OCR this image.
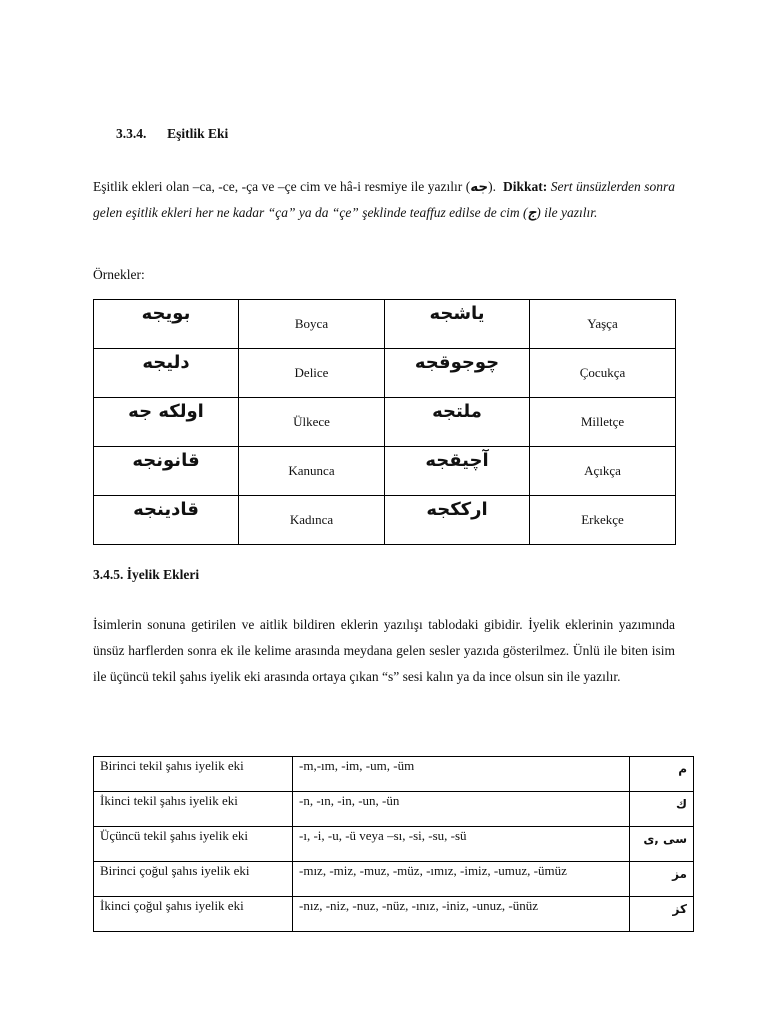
3.3.4. Eşitlik Eki
Eşitlik ekleri olan –ca, -ce, -ça ve –çe cim ve hâ-i resmiye ile yazılır (جه). Dikkat: Sert ünsüzlerden sonra gelen eşitlik ekleri her ne kadar “ça” ya da “çe” şeklinde teaffuz edilse de cim (ج) ile yazılır.
Örnekler:
بويجه	Boyca	ياشجه	Yaşça
دليجه	Delice	چوجوقجه	Çocukça
اولكه جه	Ülkece	ملتجه	Milletçe
قانونجه	Kanunca	آچيقجه	Açıkça
قادينجه	Kadınca	ارككجه	Erkekçe
3.4.5. İyelik Ekleri
İsimlerin sonuna getirilen ve aitlik bildiren eklerin yazılışı tablodaki gibidir. İyelik eklerinin yazımında ünsüz harflerden sonra ek ile kelime arasında meydana gelen sesler yazıda gösterilmez. Ünlü ile biten isim ile üçüncü tekil şahıs iyelik eki arasında ortaya çıkan “s” sesi kalın ya da ince olsun sin ile yazılır.
Birinci tekil şahıs iyelik eki	-m,-ım, -im, -um, -üm	م
İkinci tekil şahıs iyelik eki	-n, -ın, -in, -un, -ün	ك
Üçüncü tekil şahıs iyelik eki	-ı, -i, -u, -ü veya –sı, -si, -su, -sü	سى ,ى
Birinci çoğul şahıs iyelik eki	-mız, -miz, -muz, -müz, -ımız, -imiz, -umuz, -ümüz	مز
İkinci çoğul şahıs iyelik eki	-nız, -niz, -nuz, -nüz, -ınız, -iniz, -unuz, -ünüz	كز
